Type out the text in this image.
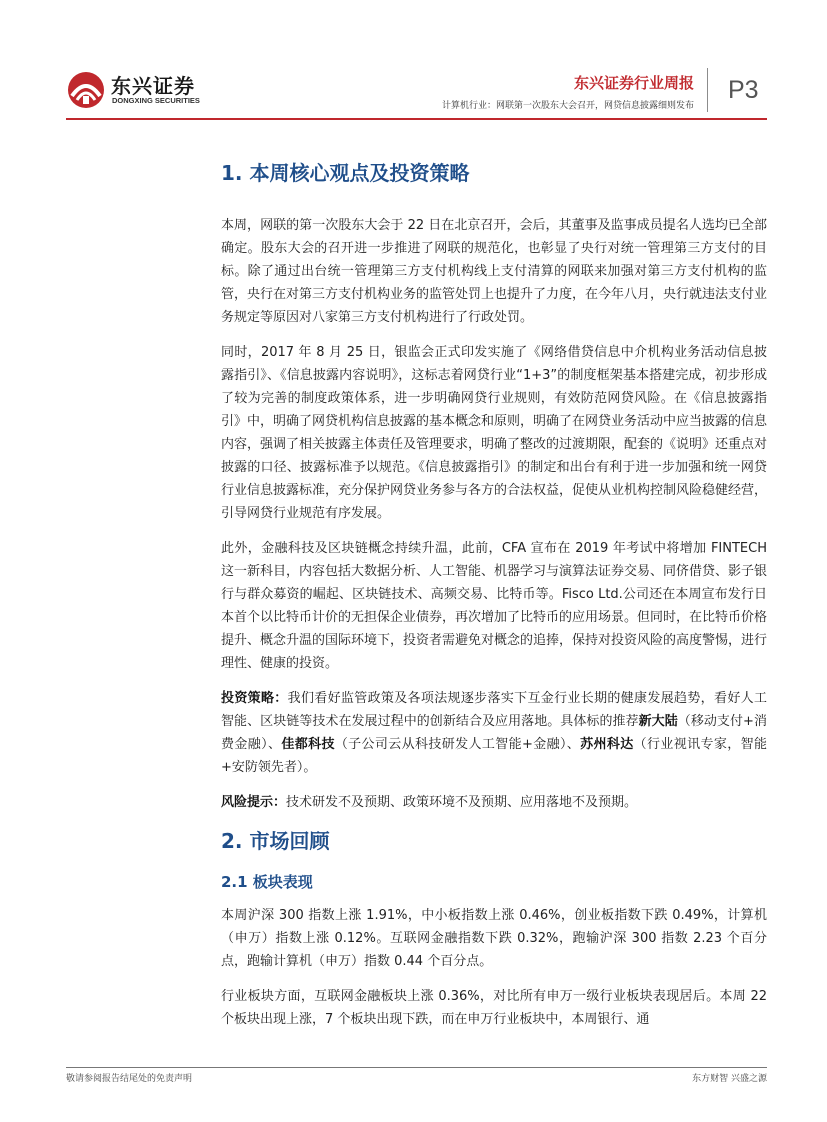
东兴证券
DONGXING SECURITIES
东兴证券行业周报
计算机行业：网联第一次股东大会召开，网贷信息披露细则发布
P3
1. 本周核心观点及投资策略

本周，网联的第一次股东大会于 22 日在北京召开，会后，其董事及监事成员提名人选均已全部确定。股东大会的召开进一步推进了网联的规范化，也彰显了央行对统一管理第三方支付的目标。除了通过出台统一管理第三方支付机构线上支付清算的网联来加强对第三方支付机构的监管，央行在对第三方支付机构业务的监管处罚上也提升了力度，在今年八月，央行就违法支付业务规定等原因对八家第三方支付机构进行了行政处罚。

同时，2017 年 8 月 25 日，银监会正式印发实施了《网络借贷信息中介机构业务活动信息披露指引》、《信息披露内容说明》，这标志着网贷行业“1+3”的制度框架基本搭建完成，初步形成了较为完善的制度政策体系，进一步明确网贷行业规则，有效防范网贷风险。在《信息披露指引》中，明确了网贷机构信息披露的基本概念和原则，明确了在网贷业务活动中应当披露的信息内容，强调了相关披露主体责任及管理要求，明确了整改的过渡期限，配套的《说明》还重点对披露的口径、披露标准予以规范。《信息披露指引》的制定和出台有利于进一步加强和统一网贷行业信息披露标准，充分保护网贷业务参与各方的合法权益，促使从业机构控制风险稳健经营，引导网贷行业规范有序发展。

此外，金融科技及区块链概念持续升温，此前，CFA 宣布在 2019 年考试中将增加 FINTECH 这一新科目，内容包括大数据分析、人工智能、机器学习与演算法证券交易、同侪借贷、影子银行与群众募资的崛起、区块链技术、高频交易、比特币等。Fisco Ltd.公司还在本周宣布发行日本首个以比特币计价的无担保企业债券，再次增加了比特币的应用场景。但同时，在比特币价格提升、概念升温的国际环境下，投资者需避免对概念的追捧，保持对投资风险的高度警惕，进行理性、健康的投资。

投资策略：我们看好监管政策及各项法规逐步落实下互金行业长期的健康发展趋势，看好人工智能、区块链等技术在发展过程中的创新结合及应用落地。具体标的推荐新大陆（移动支付+消费金融）、佳都科技（子公司云从科技研发人工智能+金融）、苏州科达（行业视讯专家，智能+安防领先者）。

风险提示：技术研发不及预期、政策环境不及预期、应用落地不及预期。

2. 市场回顾
2.1 板块表现

本周沪深 300 指数上涨 1.91%，中小板指数上涨 0.46%，创业板指数下跌 0.49%，计算机（申万）指数上涨 0.12%。互联网金融指数下跌 0.32%，跑输沪深 300 指数 2.23 个百分点，跑输计算机（申万）指数 0.44 个百分点。

行业板块方面，互联网金融板块上涨 0.36%，对比所有申万一级行业板块表现居后。本周 22 个板块出现上涨，7 个板块出现下跌，而在申万行业板块中，本周银行、通

敬请参阅报告结尾处的免责声明	东方财智 兴盛之源
